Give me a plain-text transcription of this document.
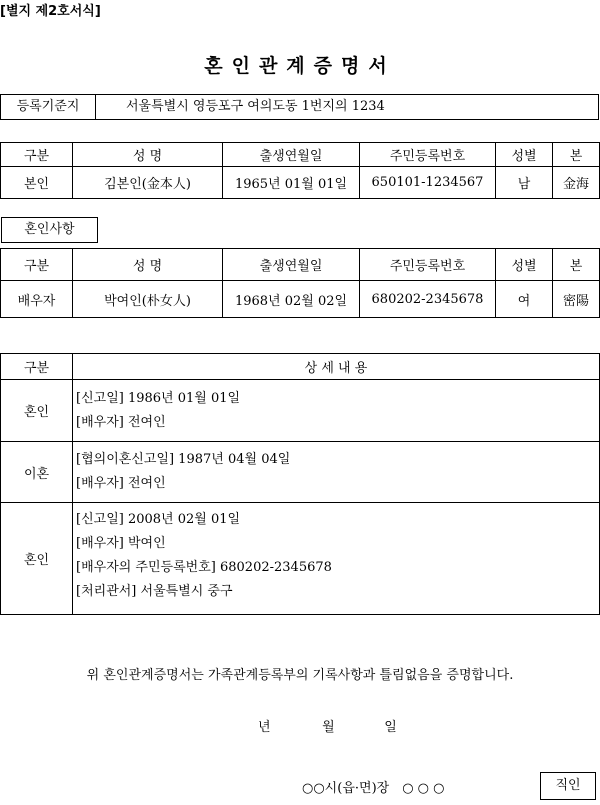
[별지 제2호서식]
혼인관계증명서
등록기준지	서울특별시 영등포구 여의도동 1번지의 1234
구분	성 명	출생연월일	주민등록번호	성별	본
본인	김본인(金本人)	1965년 01월 01일	650101-1234567	남	金海
혼인사항
구분	성 명	출생연월일	주민등록번호	성별	본
배우자	박여인(朴女人)	1968년 02월 02일	680202-2345678	여	密陽
구분	상 세 내 용
혼인	[신고일] 1986년 01월 01일
[배우자] 전여인

이혼	[협의이혼신고일] 1987년 04월 04일
[배우자] 전여인

혼인	[신고일] 2008년 02월 01일
[배우자] 박여인
[배우자의 주민등록번호] 680202-2345678
[처리관서] 서울특별시 중구
위 혼인관계증명서는 가족관계등록부의 기록사항과 틀림없음을 증명합니다.
년	월	일
○○시(읍·면)장　○ ○ ○	직인
